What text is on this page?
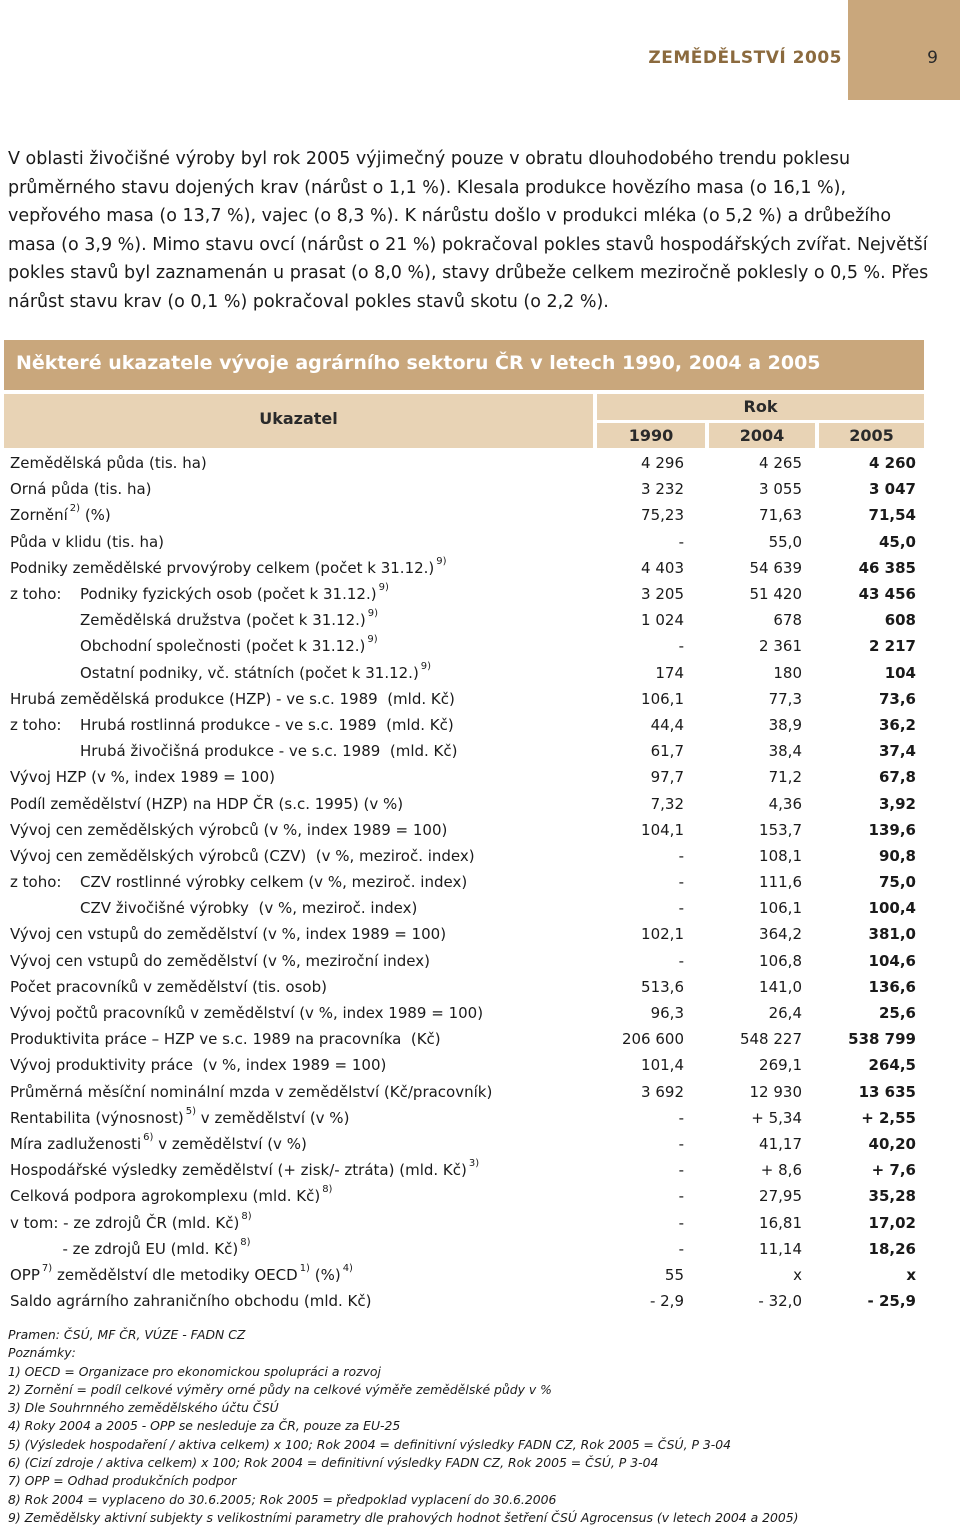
ZEMĚDĚLSTVÍ 2005	9

V oblasti živočišné výroby byl rok 2005 výjimečný pouze v obratu dlouhodobého trendu poklesu průměrného stavu dojených krav (nárůst o 1,1 %). Klesala produkce hovězího masa (o 16,1 %), vepřového masa (o 13,7 %), vajec (o 8,3 %). K nárůstu došlo v produkci mléka (o 5,2 %) a drůbežího masa (o 3,9 %). Mimo stavu ovcí (nárůst o 21 %) pokračoval pokles stavů hospodářských zvířat. Největší pokles stavů byl zaznamenán u prasat (o 8,0 %), stavy drůbeže celkem meziročně poklesly o 0,5 %. Přes nárůst stavu krav (o 0,1 %) pokračoval pokles stavů skotu (o 2,2 %).

Některé ukazatele vývoje agrárního sektoru ČR v letech 1990, 2004 a 2005
Ukazatel
Rok
1990	2004	2005
Zemědělská půda (tis. ha)	4 296	4 265	4 260
Orná půda (tis. ha)	3 232	3 055	3 047
Zornění $^{2)}$ (%)	75,23	71,63	71,54
Půda v klidu (tis. ha)	-	55,0	45,0
Podniky zemědělské prvovýroby celkem (počet k 31.12.) $^{9)}$	4 403	54 639	46 385
z toho: Podniky fyzických osob (počet k 31.12.) $^{9)}$	3 205	51 420	43 456
Zemědělská družstva (počet k 31.12.) $^{9)}$	1 024	678	608
Obchodní společnosti (počet k 31.12.) $^{9)}$	-	2 361	2 217
Ostatní podniky, vč. státních (počet k 31.12.) $^{9)}$	174	180	104
Hrubá zemědělská produkce (HZP) - ve s.c. 1989  (mld. Kč)	106,1	77,3	73,6
z toho: Hrubá rostlinná produkce - ve s.c. 1989  (mld. Kč)	44,4	38,9	36,2
Hrubá živočišná produkce - ve s.c. 1989  (mld. Kč)	61,7	38,4	37,4
Vývoj HZP (v %, index 1989 = 100)	97,7	71,2	67,8
Podíl zemědělství (HZP) na HDP ČR (s.c. 1995) (v %)	7,32	4,36	3,92
Vývoj cen zemědělských výrobců (v %, index 1989 = 100)	104,1	153,7	139,6
Vývoj cen zemědělských výrobců (CZV)  (v %, meziroč. index)	-	108,1	90,8
z toho: CZV rostlinné výrobky celkem (v %, meziroč. index)	-	111,6	75,0
CZV živočišné výrobky  (v %, meziroč. index)	-	106,1	100,4
Vývoj cen vstupů do zemědělství (v %, index 1989 = 100)	102,1	364,2	381,0
Vývoj cen vstupů do zemědělství (v %, meziroční index)	-	106,8	104,6
Počet pracovníků v zemědělství (tis. osob)	513,6	141,0	136,6
Vývoj počtů pracovníků v zemědělství (v %, index 1989 = 100)	96,3	26,4	25,6
Produktivita práce – HZP ve s.c. 1989 na pracovníka  (Kč)	206 600	548 227	538 799
Vývoj produktivity práce  (v %, index 1989 = 100)	101,4	269,1	264,5
Průměrná měsíční nominální mzda v zemědělství (Kč/pracovník)	3 692	12 930	13 635
Rentabilita (výnosnost) $^{5)}$ v zemědělství (v %)	-	+ 5,34	+ 2,55
Míra zadluženosti $^{6)}$ v zemědělství (v %)	-	41,17	40,20
Hospodářské výsledky zemědělství (+ zisk/- ztráta) (mld. Kč) $^{3)}$	-	+ 8,6	+ 7,6
Celková podpora agrokomplexu (mld. Kč) $^{8)}$	-	27,95	35,28
v tom: - ze zdrojů ČR (mld. Kč) $^{8)}$	-	16,81	17,02
- ze zdrojů EU (mld. Kč) $^{8)}$	-	11,14	18,26
OPP $^{7)}$ zemědělství dle metodiky OECD $^{1)}$ (%) $^{4)}$	55	x	x
Saldo agrárního zahraničního obchodu (mld. Kč)	- 2,9	- 32,0	- 25,9
Pramen: ČSÚ, MF ČR, VÚZE - FADN CZ
Poznámky:
1) OECD = Organizace pro ekonomickou spolupráci a rozvoj
2) Zornění = podíl celkové výměry orné půdy na celkové výměře zemědělské půdy v %
3) Dle Souhrnného zemědělského účtu ČSÚ
4) Roky 2004 a 2005 - OPP se nesleduje za ČR, pouze za EU-25
5) (Výsledek hospodaření / aktiva celkem) x 100; Rok 2004 = definitivní výsledky FADN CZ, Rok 2005 = ČSÚ, P 3-04
6) (Cizí zdroje / aktiva celkem) x 100; Rok 2004 = definitivní výsledky FADN CZ, Rok 2005 = ČSÚ, P 3-04
7) OPP = Odhad produkčních podpor
8) Rok 2004 = vyplaceno do 30.6.2005; Rok 2005 = předpoklad vyplacení do 30.6.2006
9) Zemědělsky aktivní subjekty s velikostními parametry dle prahových hodnot šetření ČSÚ Agrocensus (v letech 2004 a 2005)
